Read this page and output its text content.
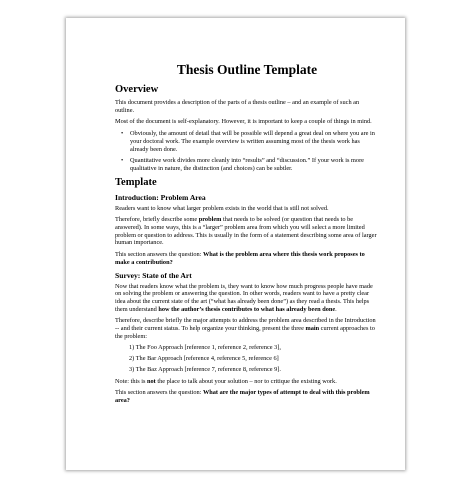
Thesis Outline Template
Overview

This document provides a description of the parts of a thesis outline – and an example of such an outline.

Most of the document is self-explanatory. However, it is important to keep a couple of things in mind.

• Obviously, the amount of detail that will be possible will depend a great deal on where you are in your doctoral work. The example overview is written assuming most of the thesis work has already been done.
• Quantitative work divides more cleanly into “results” and “discussion.” If your work is more qualitative in nature, the distinction (and choices) can be subtler.
Template
Introduction: Problem Area

Readers want to know what larger problem exists in the world that is still not solved.

Therefore, briefly describe some problem that needs to be solved (or question that needs to be answered). In some ways, this is a “larger” problem area from which you will select a more limited problem or question to address. This is usually in the form of a statement describing some area of larger human importance.

This section answers the question: What is the problem area where this thesis work proposes to make a contribution?

Survey: State of the Art

Now that readers know what the problem is, they want to know how much progress people have made on solving the problem or answering the question. In other words, readers want to have a pretty clear idea about the current state of the art (“what has already been done”) as they read a thesis. This helps them understand how the author’s thesis contributes to what has already been done.

Therefore, describe briefly the major attempts to address the problem area described in the Introduction -- and their current status. To help organize your thinking, present the three main current approaches to the problem:

1) The Foo Approach [reference 1, reference 2, reference 3],
2) The Bar Approach [reference 4, reference 5, reference 6]
3) The Baz Approach [reference 7, reference 8, reference 9].

Note: this is not the place to talk about your solution – nor to critique the existing work.

This section answers the question: What are the major types of attempt to deal with this problem area?
